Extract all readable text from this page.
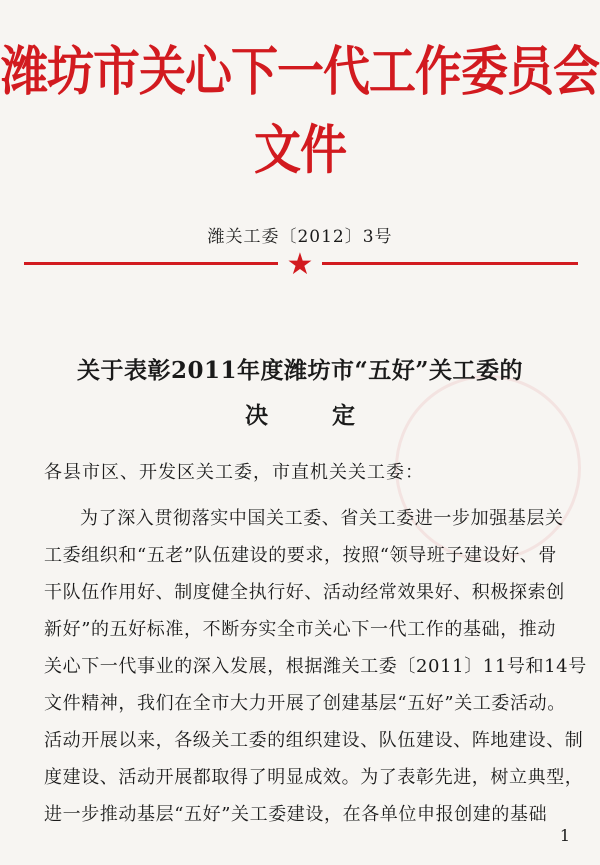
潍坊市关心下一代工作委员会文件
潍关工委〔2012〕3号
★
关于表彰2011年度潍坊市“五好”关工委的
决定
各县市区、开发区关工委，市直机关关工委：
为了深入贯彻落实中国关工委、省关工委进一步加强基层关
工委组织和“五老”队伍建设的要求，按照“领导班子建设好、骨
干队伍作用好、制度健全执行好、活动经常效果好、积极探索创
新好”的五好标准，不断夯实全市关心下一代工作的基础，推动
关心下一代事业的深入发展，根据潍关工委〔2011〕11号和14号
文件精神，我们在全市大力开展了创建基层“五好”关工委活动。
活动开展以来，各级关工委的组织建设、队伍建设、阵地建设、制
度建设、活动开展都取得了明显成效。为了表彰先进，树立典型，
进一步推动基层“五好”关工委建设，在各单位申报创建的基础
1
